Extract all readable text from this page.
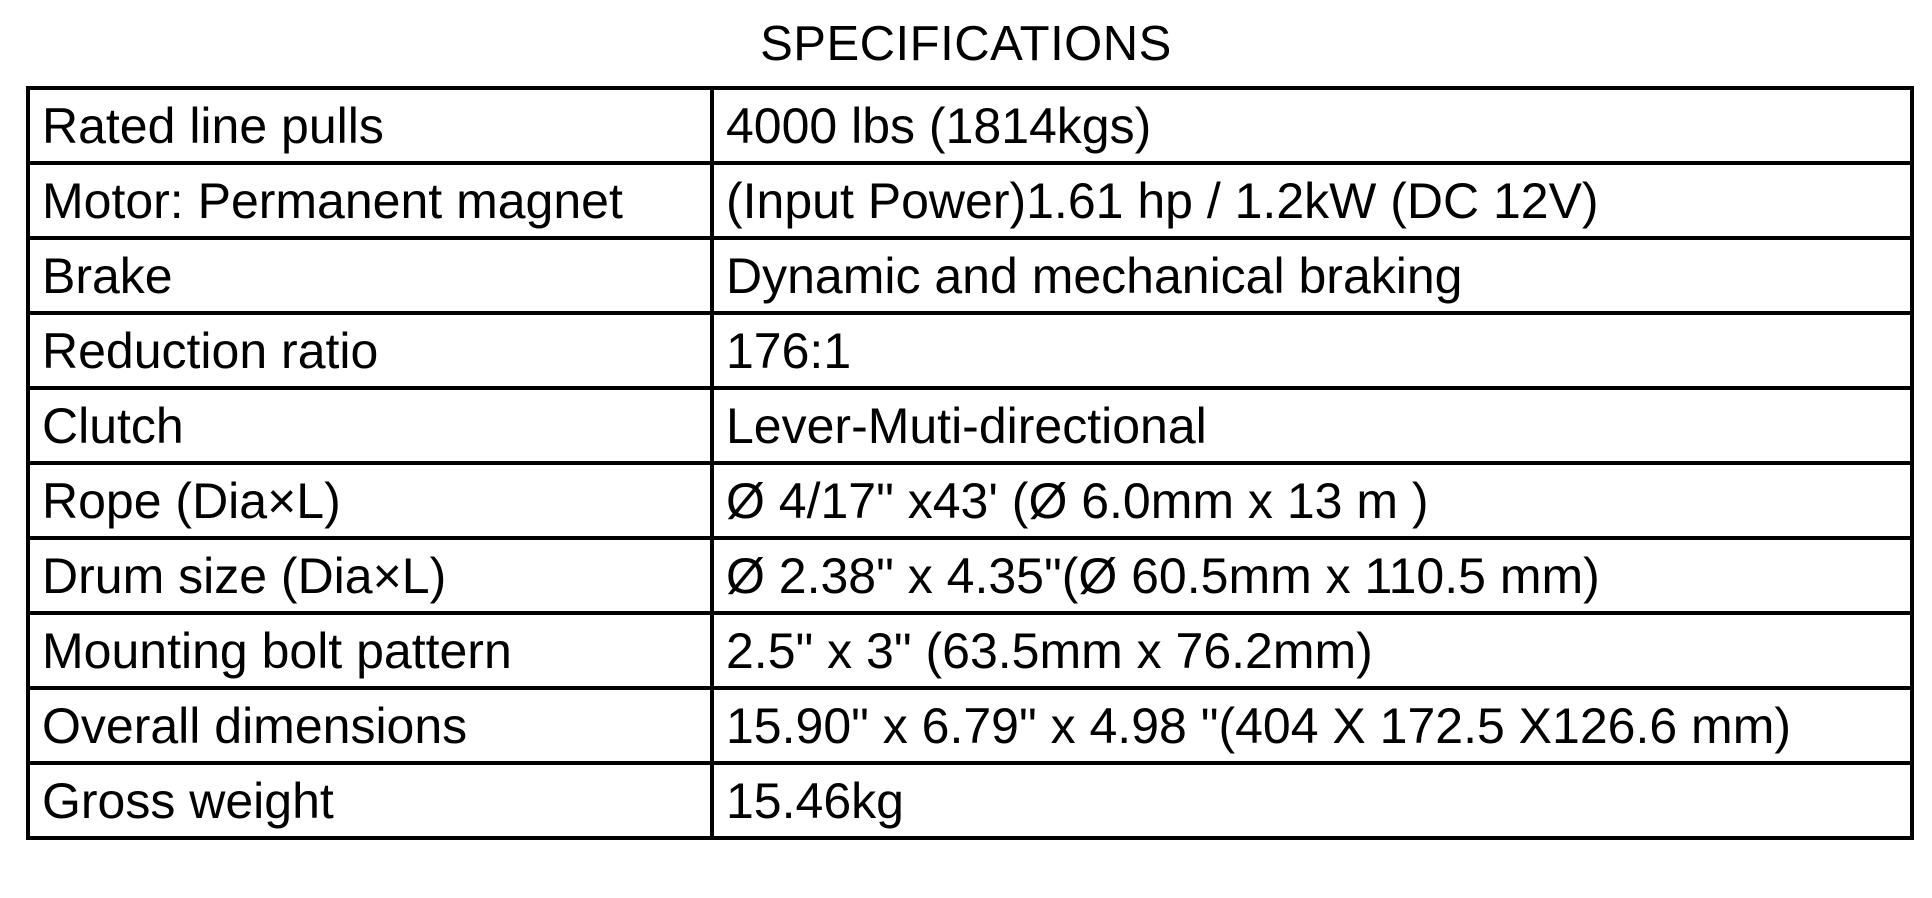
SPECIFICATIONS
Rated line pulls	4000 lbs (1814kgs)
Motor: Permanent magnet	(Input Power)1.61 hp / 1.2kW (DC 12V)
Brake	Dynamic and mechanical braking
Reduction ratio	176:1
Clutch	Lever-Muti-directional
Rope (Dia×L)	Ø 4/17" x43' (Ø 6.0mm x 13 m )
Drum size (Dia×L)	Ø 2.38" x 4.35"(Ø 60.5mm x 110.5 mm)
Mounting bolt pattern	2.5" x 3" (63.5mm x 76.2mm)
Overall dimensions	15.90" x 6.79" x 4.98 "(404 X 172.5 X126.6 mm)
Gross weight	15.46kg
